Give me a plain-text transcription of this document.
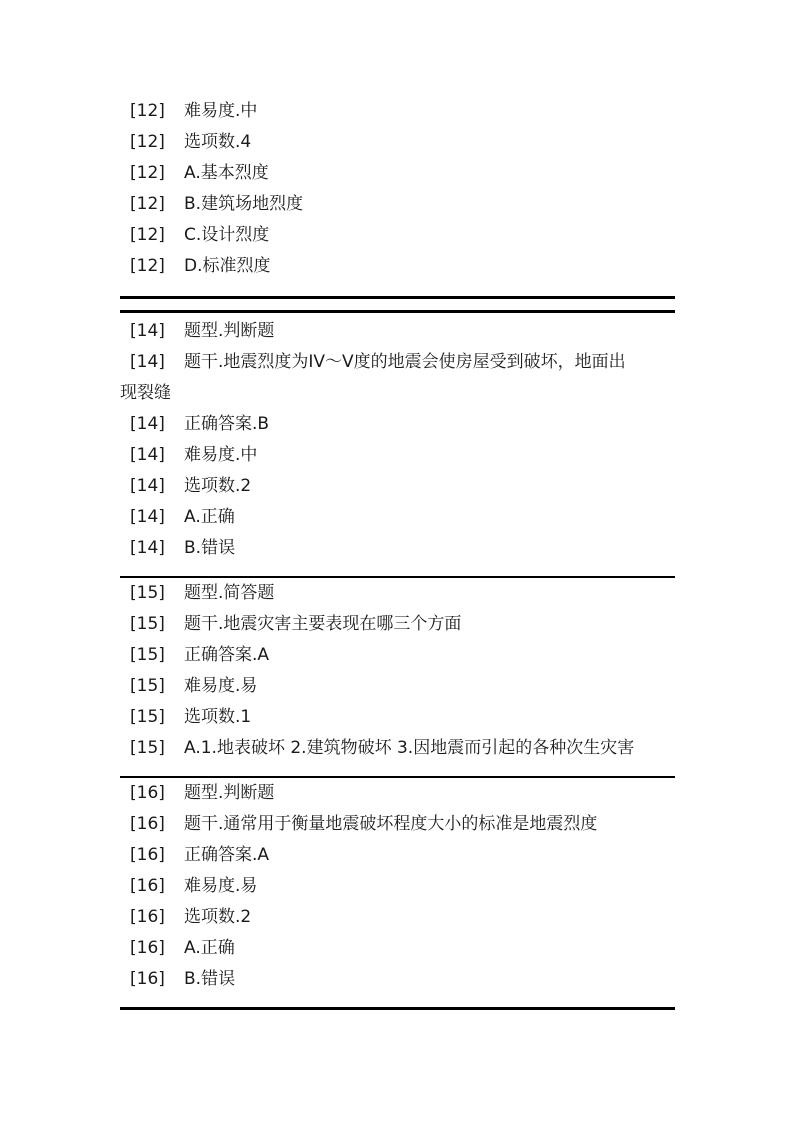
[12] 难易度.中
[12] 选项数.4
[12] A.基本烈度
[12] B.建筑场地烈度
[12] C.设计烈度
[12] D.标准烈度
[14] 题型.判断题
[14] 题干.地震烈度为IV～V度的地震会使房屋受到破坏，地面出
现裂缝
[14] 正确答案.B
[14] 难易度.中
[14] 选项数.2
[14] A.正确
[14] B.错误
[15] 题型.简答题
[15] 题干.地震灾害主要表现在哪三个方面
[15] 正确答案.A
[15] 难易度.易
[15] 选项数.1
[15] A.1.地表破坏 2.建筑物破坏 3.因地震而引起的各种次生灾害
[16] 题型.判断题
[16] 题干.通常用于衡量地震破坏程度大小的标准是地震烈度
[16] 正确答案.A
[16] 难易度.易
[16] 选项数.2
[16] A.正确
[16] B.错误
